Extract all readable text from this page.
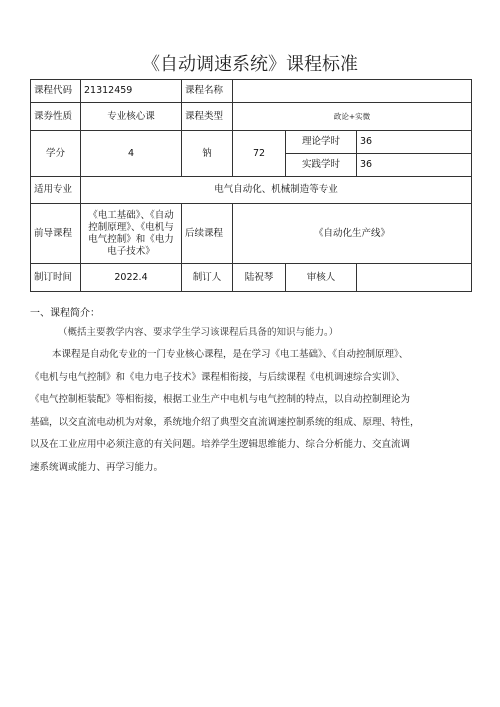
《自动调速系统》课程标准
课程代码	21312459	课程名称			
课券性质	专业核心课	课程类型	政论+实微		
学分	4	钠	72	理论学时	36
				实践学时	36
适用专业	电气自动化、机械制造等专业				
前导课程	《电工基础》、《自动控制原理》、《电机与电气控制》和《电力电子技术》	后续课程	《自动化生产线》		
制订时间	2022.4	制订人	陆祝琴	审核人	
一、课程简介：
（概括主要教学内容、要求学生学习该课程后具备的知识与能力。）
本课程是自动化专业的一门专业核心课程，是在学习《电工基础》、《自动控制原理》、
《电机与电气控制》和《电力电子技术》课程相衔接，与后续课程《电机调速综合实训》、
《电气控制柜装配》等相衔接，根据工业生产中电机与电气控制的特点，以自动控制理论为
基础，以交直流电动机为对象，系统地介绍了典型交直流调速控制系统的组成、原理、特性，
以及在工业应用中必须注意的有关问题。培养学生逻辑思维能力、综合分析能力、交直流调
速系统调或能力、再学习能力。
